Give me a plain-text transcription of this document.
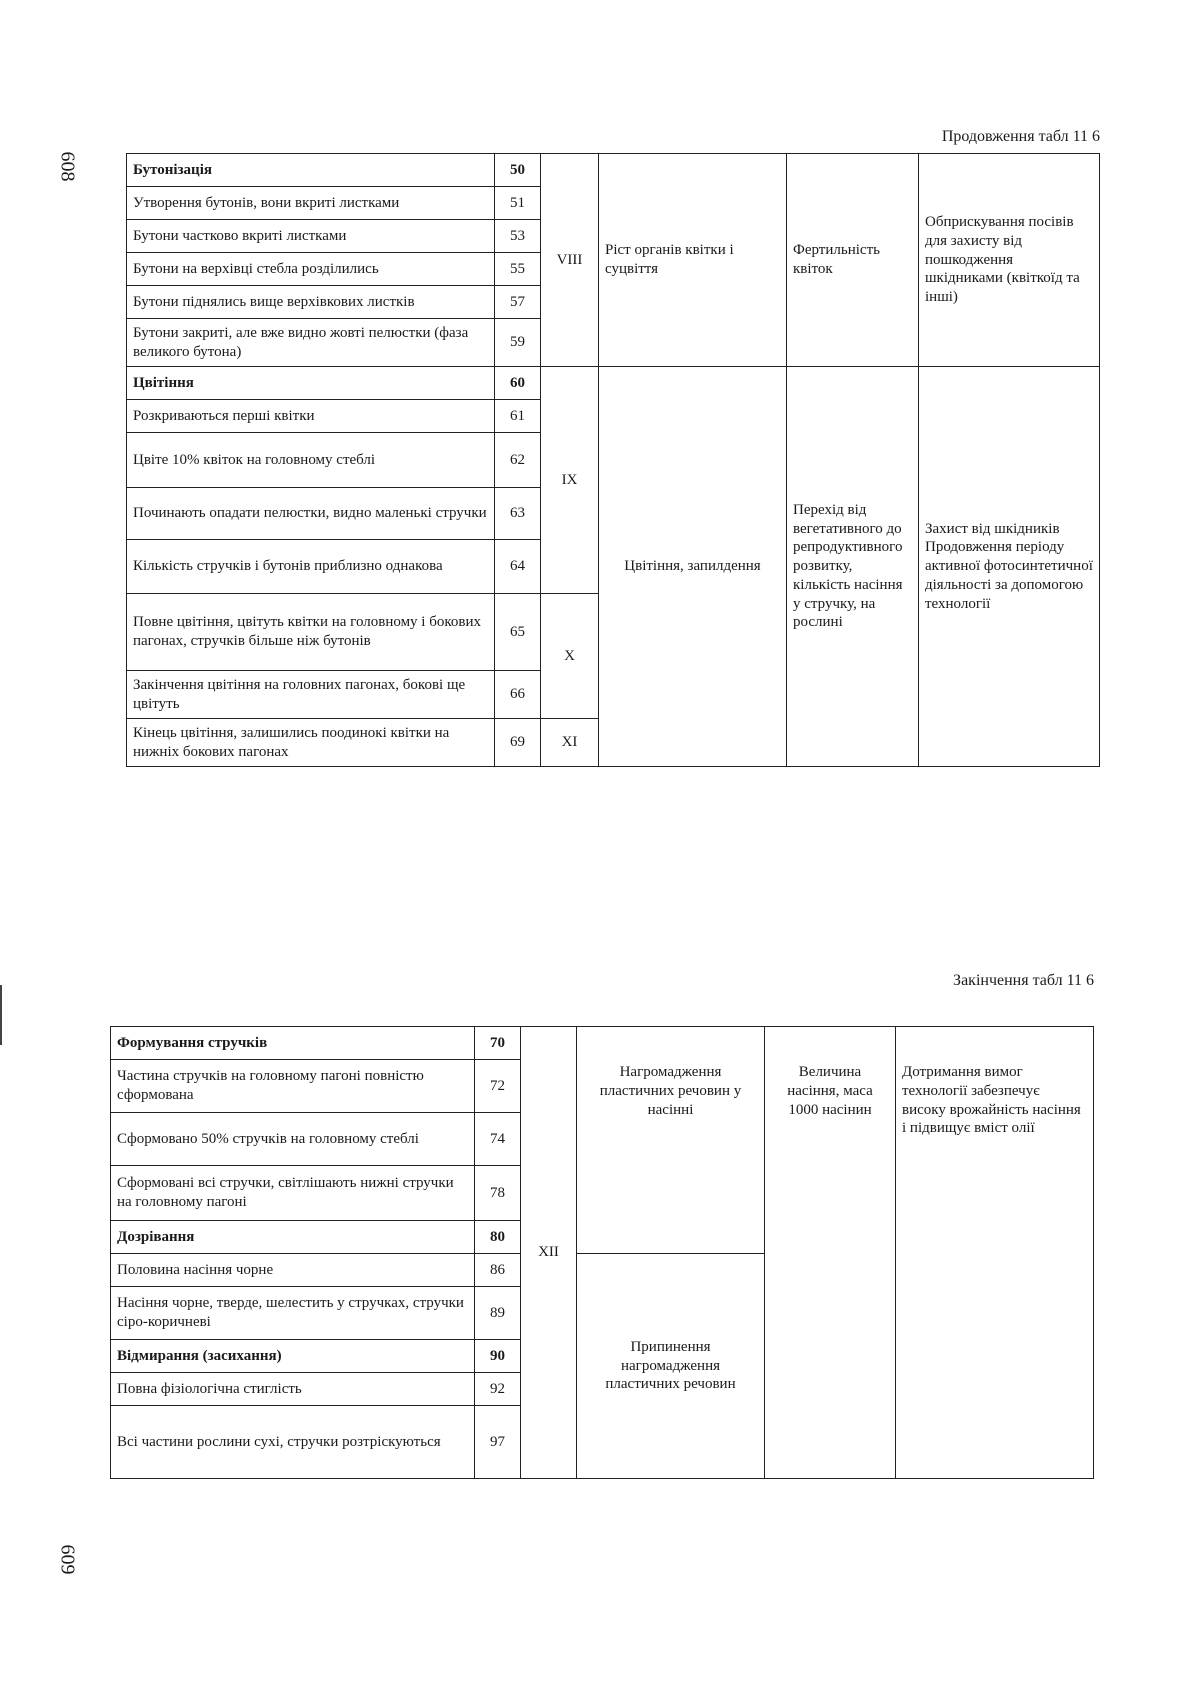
608
609
Продовження табл 11 6
Бутонізація	50	VIII	Ріст органів квітки і суцвіття	Фертильність квіток	Обприскування посівів для захисту від пошкодження шкідниками (квіткоїд та інші)
Утворення бутонів, вони вкриті листками	51				
Бутони частково вкриті листками	53				
Бутони на верхівці стебла розділились	55				
Бутони піднялись вище верхівкових листків	57				
Бутони закриті, але вже видно жовті пелюстки (фаза великого бутона)	59				
Цвітіння	60	IX	Цвітіння, запилдення	Перехід від вегетативного до репродуктивного розвитку, кількість насіння у стручку, на рослині	Захист від шкідників Продовження періоду активної фотосинтетичної діяльності за допомогою технології
Розкриваються перші квітки	61				
Цвіте 10% квіток на головному стеблі	62				
Починають опадати пелюстки, видно маленькі стручки	63				
Кількість стручків і бутонів приблизно однакова	64				
Повне цвітіння, цвітуть квітки на головному і бокових пагонах, стручків більше ніж бутонів	65	X			
Закінчення цвітіння на головних пагонах, бокові ще цвітуть	66				
Кінець цвітіння, залишились поодинокі квітки на нижніх бокових пагонах	69	XI			
Закінчення табл 11 6
Формування стручків	70	XII	Нагромадження пластичних речовин у насінні	Величина насіння, маса 1000 насінин	Дотримання вимог технології забезпечує високу врожайність насіння і підвищує вміст олії
Частина стручків на головному пагоні повністю сформована	72				
Сформовано 50% стручків на головному стеблі	74				
Сформовані всі стручки, світлішають нижні стручки на головному пагоні	78				
Дозрівання	80				
Половина насіння чорне	86		Припинення нагромадження пластичних речовин		
Насіння чорне, тверде, шелестить у стручках, стручки сіро-коричневі	89				
Відмирання (засихання)	90				
Повна фізіологічна стиглість	92				
Всі частини рослини сухі, стручки розтріскуються	97				
